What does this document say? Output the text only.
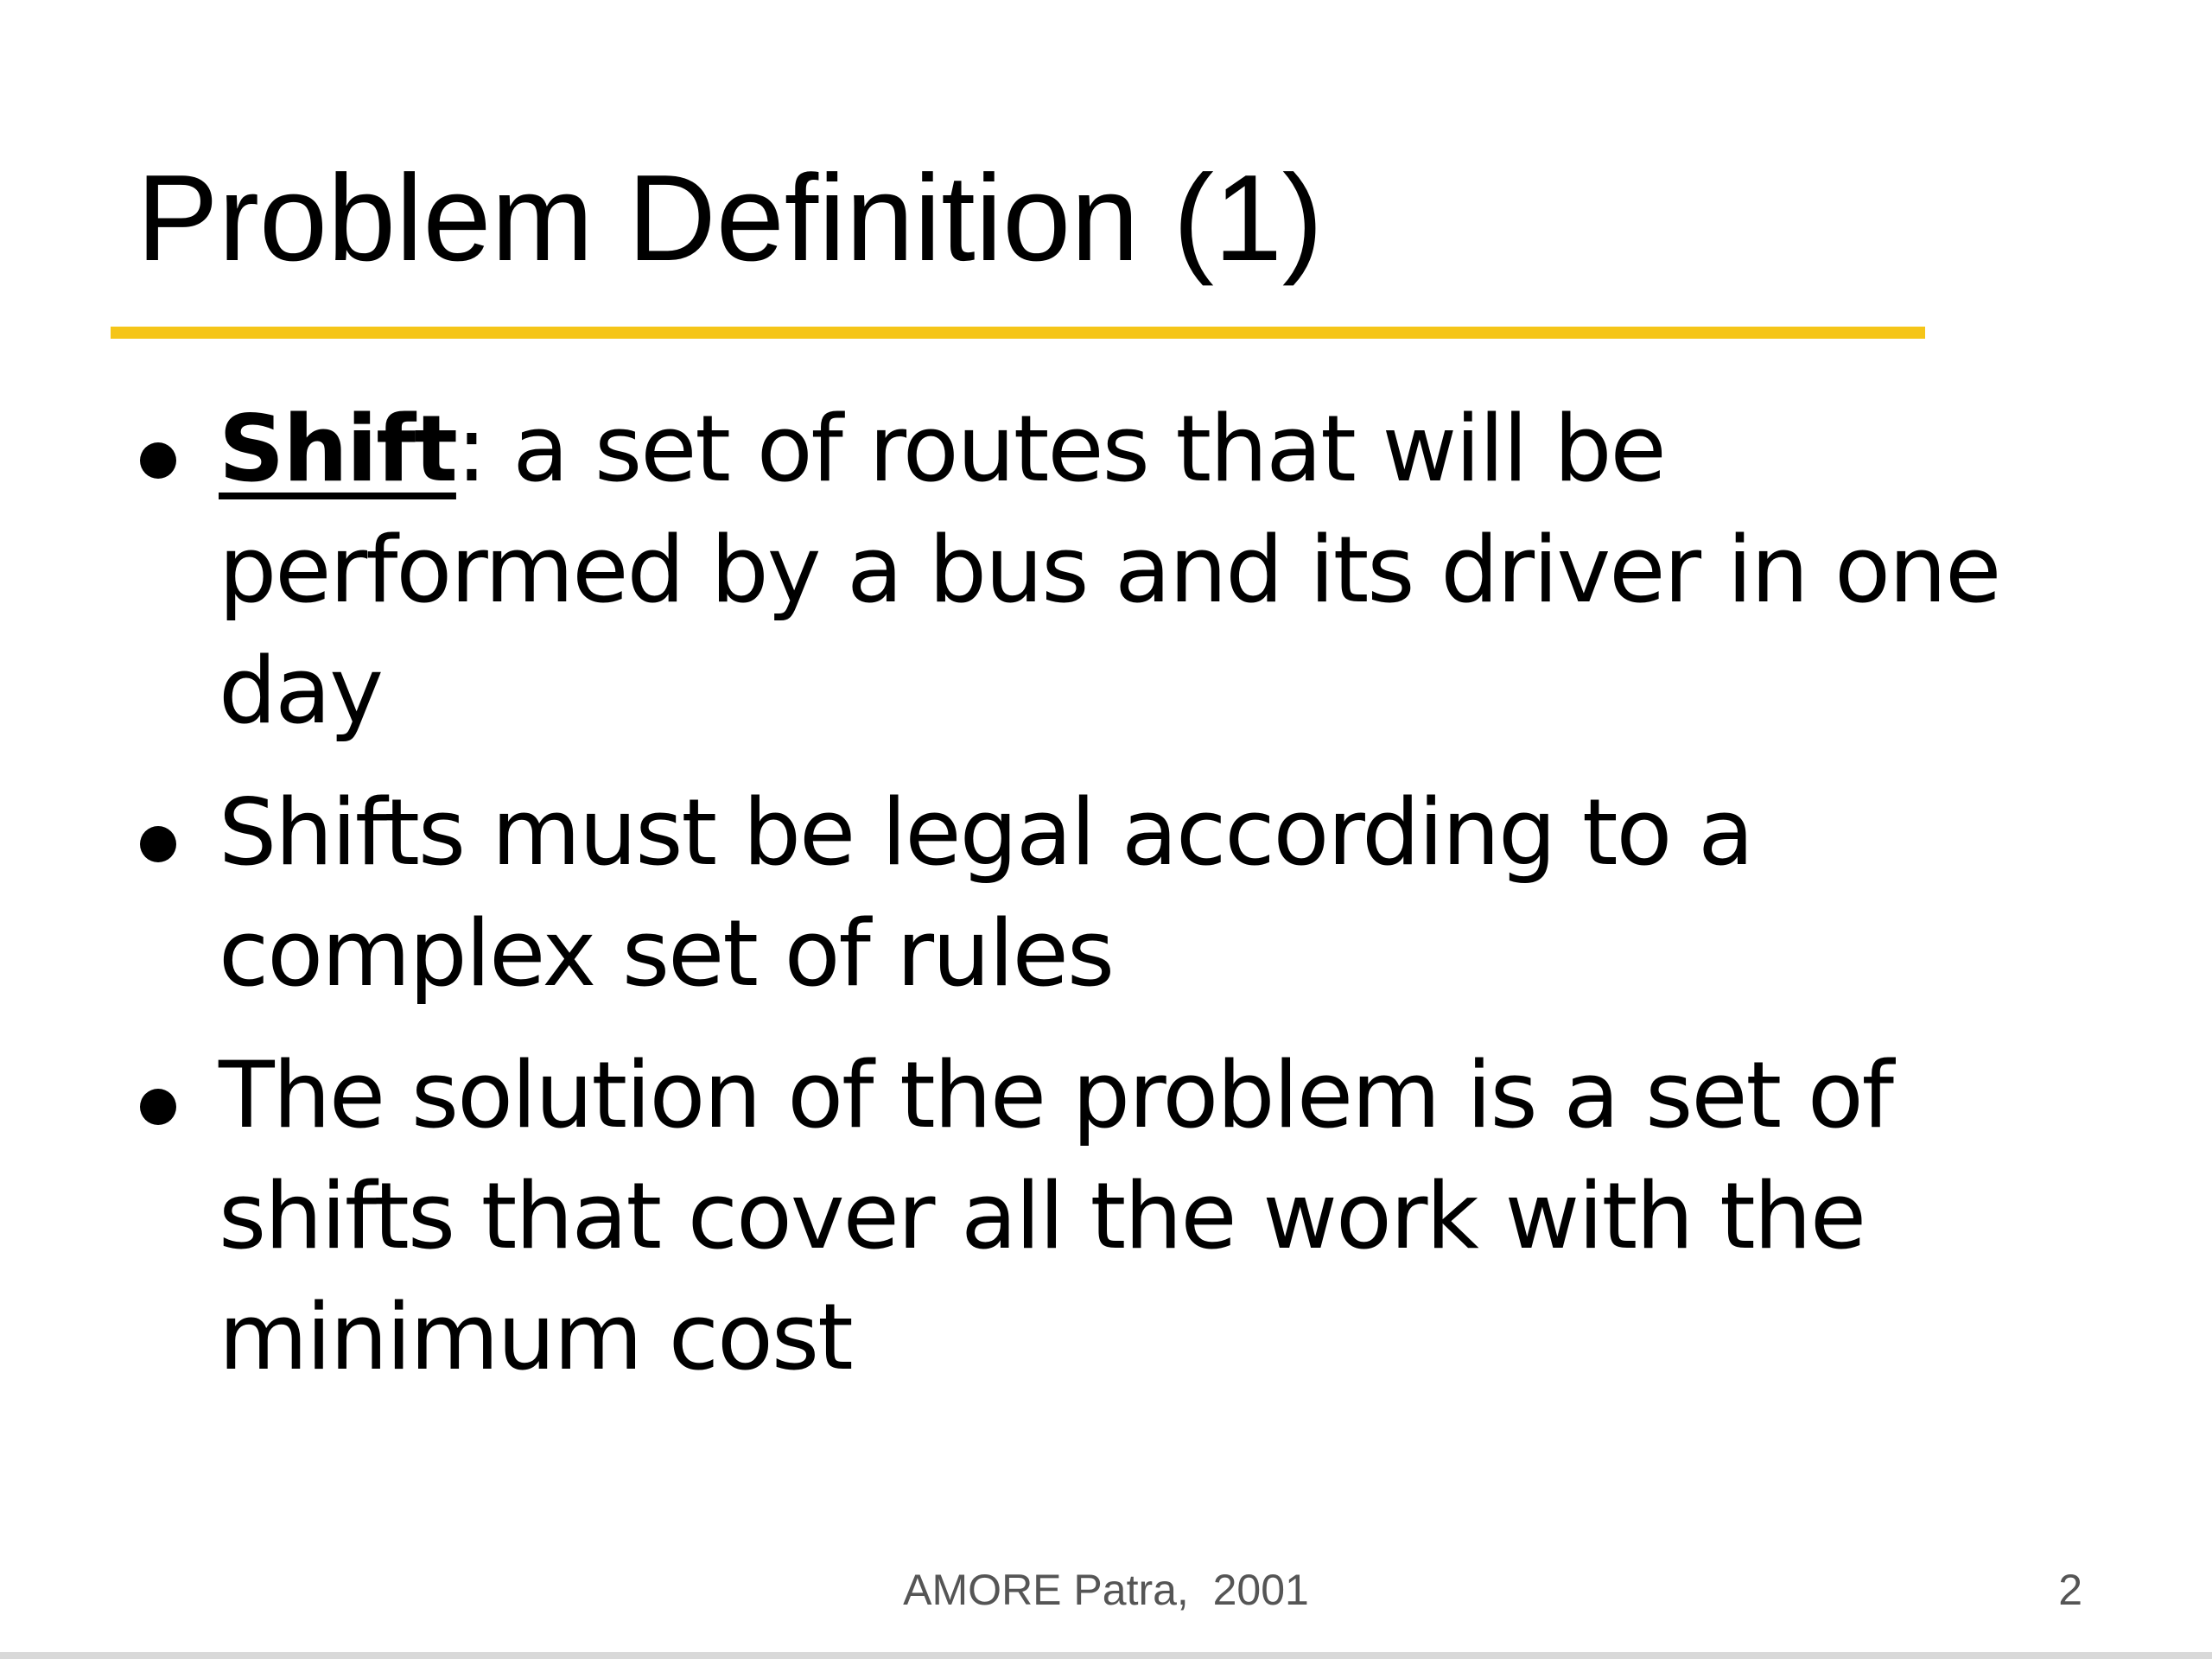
Problem Definition (1)
Shift: a set of routes that will be performed by a bus and its driver in one day
Shifts must be legal according to a complex set of rules
The solution of the problem is a set of shifts that cover all the work with the minimum cost
AMORE Patra,  2001	2
